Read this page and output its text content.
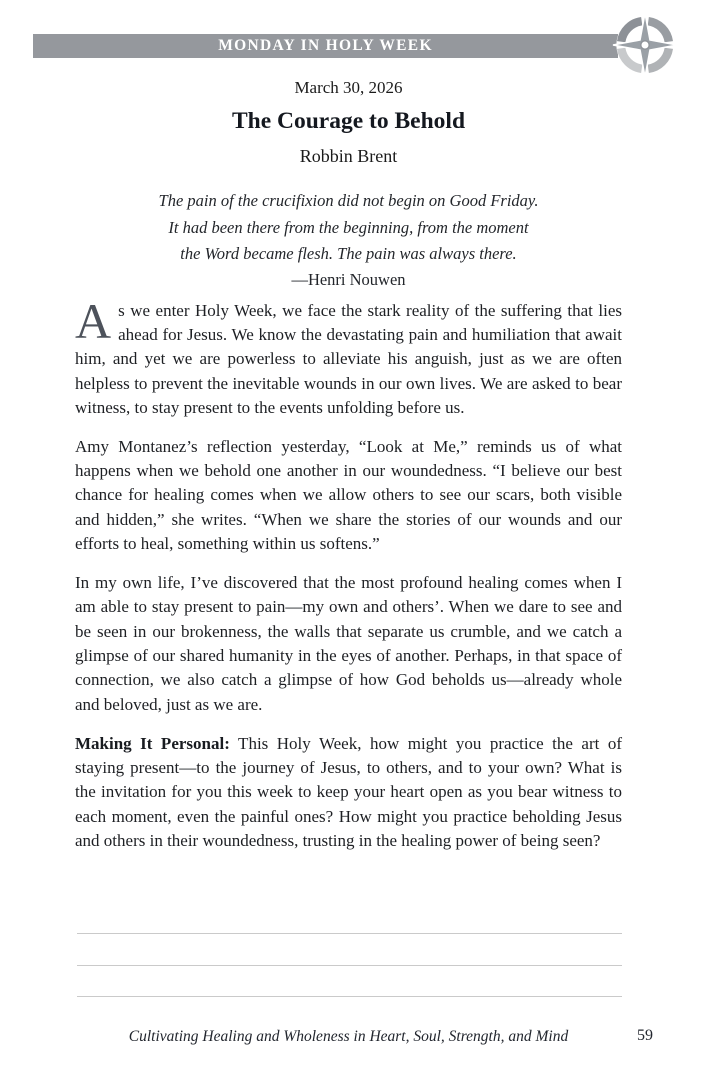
MONDAY IN HOLY WEEK
March 30, 2026
The Courage to Behold
Robbin Brent
The pain of the crucifixion did not begin on Good Friday.
It had been there from the beginning, from the moment
the Word became flesh. The pain was always there.
—Henri Nouwen

As we enter Holy Week, we face the stark reality of the suffering that lies ahead for Jesus. We know the devastating pain and humiliation that await him, and yet we are powerless to alleviate his anguish, just as we are often helpless to prevent the inevitable wounds in our own lives. We are asked to bear witness, to stay present to the events unfolding before us.

Amy Montanez’s reflection yesterday, “Look at Me,” reminds us of what happens when we behold one another in our woundedness. “I believe our best chance for healing comes when we allow others to see our scars, both visible and hidden,” she writes. “When we share the stories of our wounds and our efforts to heal, something within us softens.”

In my own life, I’ve discovered that the most profound healing comes when I am able to stay present to pain—my own and others’. When we dare to see and be seen in our brokenness, the walls that separate us crumble, and we catch a glimpse of our shared humanity in the eyes of another. Perhaps, in that space of connection, we also catch a glimpse of how God beholds us—already whole and beloved, just as we are.

Making It Personal: This Holy Week, how might you practice the art of staying present—to the journey of Jesus, to others, and to your own? What is the invitation for you this week to keep your heart open as you bear witness to each moment, even the painful ones? How might you practice beholding Jesus and others in their woundedness, trusting in the healing power of being seen?

Cultivating Healing and Wholeness in Heart, Soul, Strength, and Mind	59
